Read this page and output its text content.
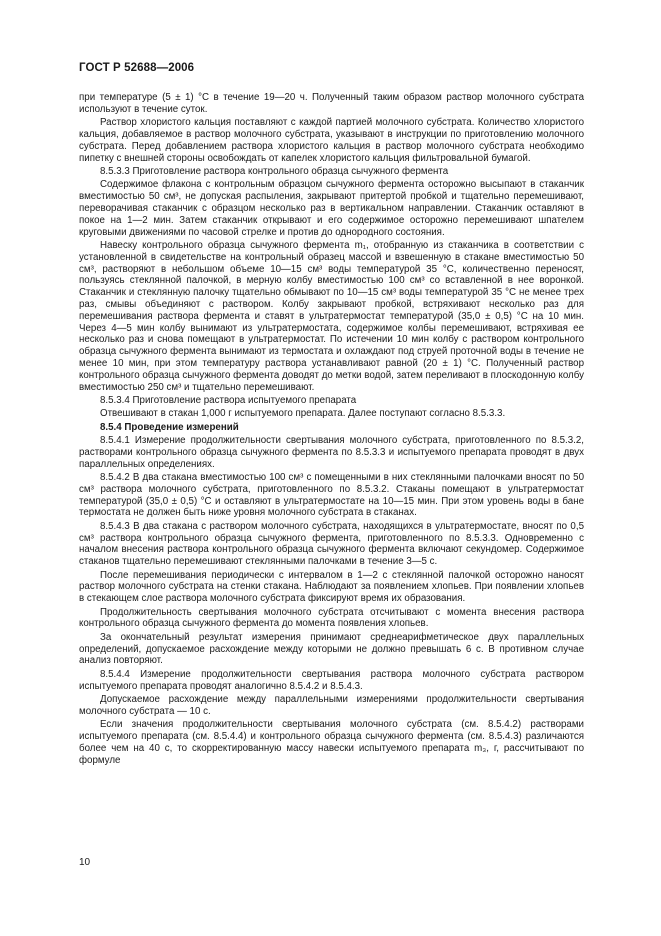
ГОСТ Р 52688—2006

при температуре (5 ± 1) °С в течение 19—20 ч. Полученный таким образом раствор молочного субстрата используют в течение суток.

Раствор хлористого кальция поставляют с каждой партией молочного субстрата. Количество хлористого кальция, добавляемое в раствор молочного субстрата, указывают в инструкции по приготовлению молочного субстрата. Перед добавлением раствора хлористого кальция в раствор молочного субстрата необходимо пипетку с внешней стороны освобождать от капелек хлористого кальция фильтровальной бумагой.

8.5.3.3 Приготовление раствора контрольного образца сычужного фермента

Содержимое флакона с контрольным образцом сычужного фермента осторожно высыпают в стаканчик вместимостью 50 см³, не допуская распыления, закрывают притертой пробкой и тщательно перемешивают, переворачивая стаканчик с образцом несколько раз в вертикальном направлении. Стаканчик оставляют в покое на 1—2 мин. Затем стаканчик открывают и его содержимое осторожно перемешивают шпателем круговыми движениями по часовой стрелке и против до однородного состояния.

Навеску контрольного образца сычужного фермента m₁, отобранную из стаканчика в соответствии с установленной в свидетельстве на контрольный образец массой и взвешенную в стакане вместимостью 50 см³, растворяют в небольшом объеме 10—15 см³ воды температурой 35 °С, количественно переносят, пользуясь стеклянной палочкой, в мерную колбу вместимостью 100 см³ со вставленной в нее воронкой. Стаканчик и стеклянную палочку тщательно обмывают по 10—15 см³ воды температурой 35 °С не менее трех раз, смывы объединяют с раствором. Колбу закрывают пробкой, встряхивают несколько раз для перемешивания раствора фермента и ставят в ультратермостат температурой (35,0 ± 0,5) °С на 10 мин. Через 4—5 мин колбу вынимают из ультратермостата, содержимое колбы перемешивают, встряхивая ее несколько раз и снова помещают в ультратермостат. По истечении 10 мин колбу с раствором контрольного образца сычужного фермента вынимают из термостата и охлаждают под струей проточной воды в течение не менее 10 мин, при этом температуру раствора устанавливают равной (20 ± 1) °С. Полученный раствор контрольного образца сычужного фермента доводят до метки водой, затем переливают в плоскодонную колбу вместимостью 250 см³ и тщательно перемешивают.

8.5.3.4 Приготовление раствора испытуемого препарата

Отвешивают в стакан 1,000 г испытуемого препарата. Далее поступают согласно 8.5.3.3.

8.5.4 Проведение измерений

8.5.4.1 Измерение продолжительности свертывания молочного субстрата, приготовленного по 8.5.3.2, растворами контрольного образца сычужного фермента по 8.5.3.3 и испытуемого препарата проводят в двух параллельных определениях.

8.5.4.2 В два стакана вместимостью 100 см³ с помещенными в них стеклянными палочками вносят по 50 см³ раствора молочного субстрата, приготовленного по 8.5.3.2. Стаканы помещают в ультратермостат температурой (35,0 ± 0,5) °С и оставляют в ультратермостате на 10—15 мин. При этом уровень воды в бане термостата не должен быть ниже уровня молочного субстрата в стаканах.

8.5.4.3 В два стакана с раствором молочного субстрата, находящихся в ультратермостате, вносят по 0,5 см³ раствора контрольного образца сычужного фермента, приготовленного по 8.5.3.3. Одновременно с началом внесения раствора контрольного образца сычужного фермента включают секундомер. Содержимое стаканов тщательно перемешивают стеклянными палочками в течение 3—5 с.

После перемешивания периодически с интервалом в 1—2 с стеклянной палочкой осторожно наносят раствор молочного субстрата на стенки стакана. Наблюдают за появлением хлопьев. При появлении хлопьев в стекающем слое раствора молочного субстрата фиксируют время их образования.

Продолжительность свертывания молочного субстрата отсчитывают с момента внесения раствора контрольного образца сычужного фермента до момента появления хлопьев.

За окончательный результат измерения принимают среднеарифметическое двух параллельных определений, допускаемое расхождение между которыми не должно превышать 6 с. В противном случае анализ повторяют.

8.5.4.4 Измерение продолжительности свертывания раствора молочного субстрата раствором испытуемого препарата проводят аналогично 8.5.4.2 и 8.5.4.3.

Допускаемое расхождение между параллельными измерениями продолжительности свертывания молочного субстрата — 10 с.

Если значения продолжительности свертывания молочного субстрата (см. 8.5.4.2) растворами испытуемого препарата (см. 8.5.4.4) и контрольного образца сычужного фермента (см. 8.5.4.3) различаются более чем на 40 с, то скорректированную массу навески испытуемого препарата m₃, г, рассчитывают по формуле

10
